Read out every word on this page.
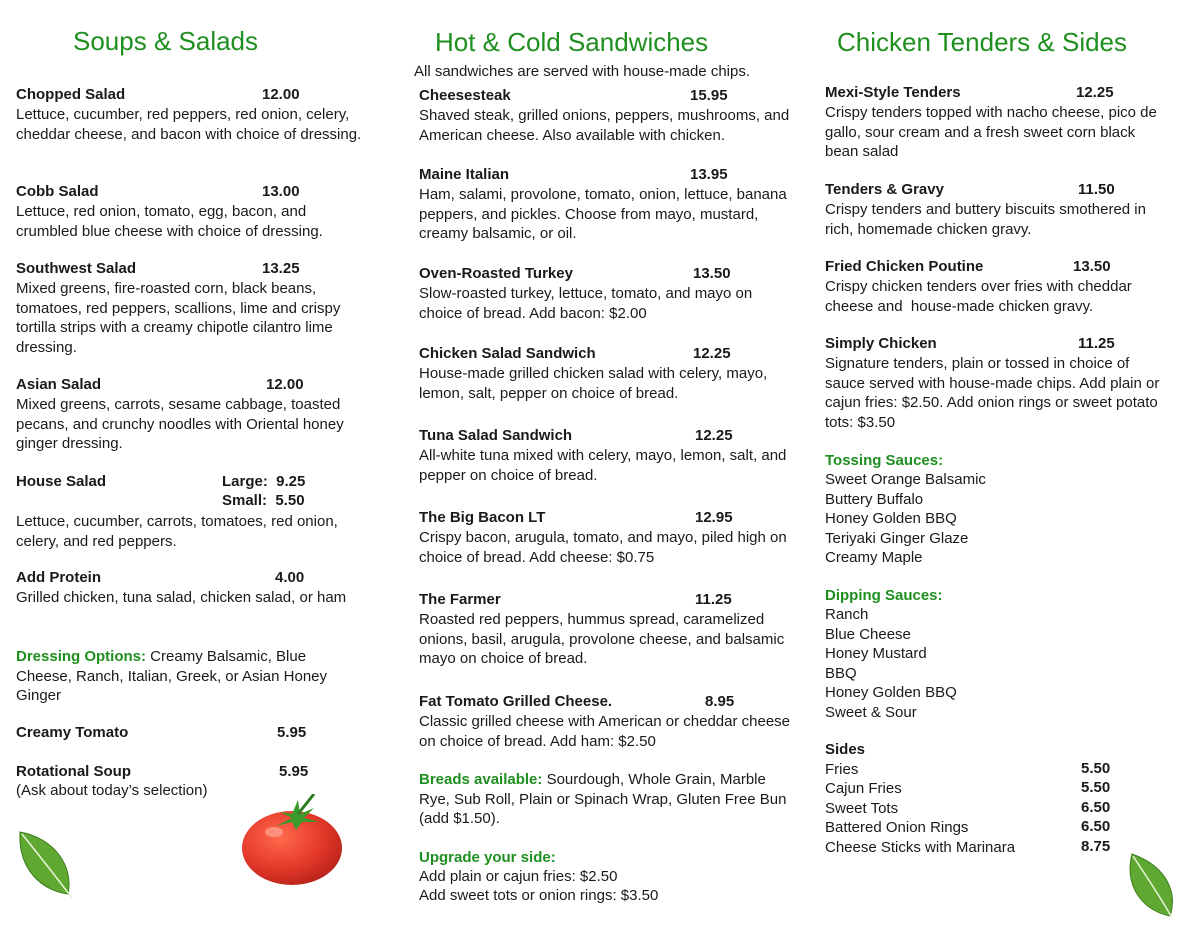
Soups & Salads
Chopped Salad	12.00
Lettuce, cucumber, red peppers, red onion, celery, cheddar cheese, and bacon with choice of dressing.
Cobb Salad	13.00
Lettuce, red onion, tomato, egg, bacon, and crumbled blue cheese with choice of dressing.
Southwest Salad	13.25
Mixed greens, fire-roasted corn, black beans, tomatoes, red peppers, scallions, lime and crispy tortilla strips with a creamy chipotle cilantro lime dressing.
Asian Salad	12.00
Mixed greens, carrots, sesame cabbage, toasted pecans, and crunchy noodles with Oriental honey ginger dressing.
House Salad	Large:  9.25
Small:  5.50
Lettuce, cucumber, carrots, tomatoes, red onion, celery, and red peppers.
Add Protein	4.00
Grilled chicken, tuna salad, chicken salad, or ham
Dressing Options: Creamy Balsamic, Blue Cheese, Ranch, Italian, Greek, or Asian Honey Ginger
Creamy Tomato	5.95
Rotational Soup	5.95
(Ask about today’s selection)
Hot & Cold Sandwiches
All sandwiches are served with house-made chips.
Cheesesteak	15.95
Shaved steak, grilled onions, peppers, mushrooms, and American cheese. Also available with chicken.
Maine Italian	13.95
Ham, salami, provolone, tomato, onion, lettuce, banana peppers, and pickles. Choose from mayo, mustard, creamy balsamic, or oil.
Oven-Roasted Turkey	13.50
Slow-roasted turkey, lettuce, tomato, and mayo on choice of bread. Add bacon: $2.00
Chicken Salad Sandwich	12.25
House-made grilled chicken salad with celery, mayo, lemon, salt, pepper on choice of bread.
Tuna Salad Sandwich	12.25
All-white tuna mixed with celery, mayo, lemon, salt, and pepper on choice of bread.
The Big Bacon LT	12.95
Crispy bacon, arugula, tomato, and mayo, piled high on choice of bread. Add cheese: $0.75
The Farmer	11.25
Roasted red peppers, hummus spread, caramelized onions, basil, arugula, provolone cheese, and balsamic mayo on choice of bread.
Fat Tomato Grilled Cheese.	8.95
Classic grilled cheese with American or cheddar cheese on choice of bread. Add ham: $2.50
Breads available: Sourdough, Whole Grain, Marble Rye, Sub Roll, Plain or Spinach Wrap, Gluten Free Bun (add $1.50).
Upgrade your side:
Add plain or cajun fries: $2.50
Add sweet tots or onion rings: $3.50
Chicken Tenders & Sides
Mexi-Style Tenders	12.25
Crispy tenders topped with nacho cheese, pico de gallo, sour cream and a fresh sweet corn black bean salad
Tenders & Gravy	11.50
Crispy tenders and buttery biscuits smothered in rich, homemade chicken gravy.
Fried Chicken Poutine	13.50
Crispy chicken tenders over fries with cheddar cheese and  house-made chicken gravy.
Simply Chicken	11.25
Signature tenders, plain or tossed in choice of sauce served with house-made chips. Add plain or cajun fries: $2.50. Add onion rings or sweet potato tots: $3.50
Tossing Sauces:
Sweet Orange Balsamic
Buttery Buffalo
Honey Golden BBQ
Teriyaki Ginger Glaze
Creamy Maple
Dipping Sauces:
Ranch
Blue Cheese
Honey Mustard
BBQ
Honey Golden BBQ
Sweet & Sour
Sides
Fries	5.50
Cajun Fries	5.50
Sweet Tots	6.50
Battered Onion Rings	6.50
Cheese Sticks with Marinara	8.75
